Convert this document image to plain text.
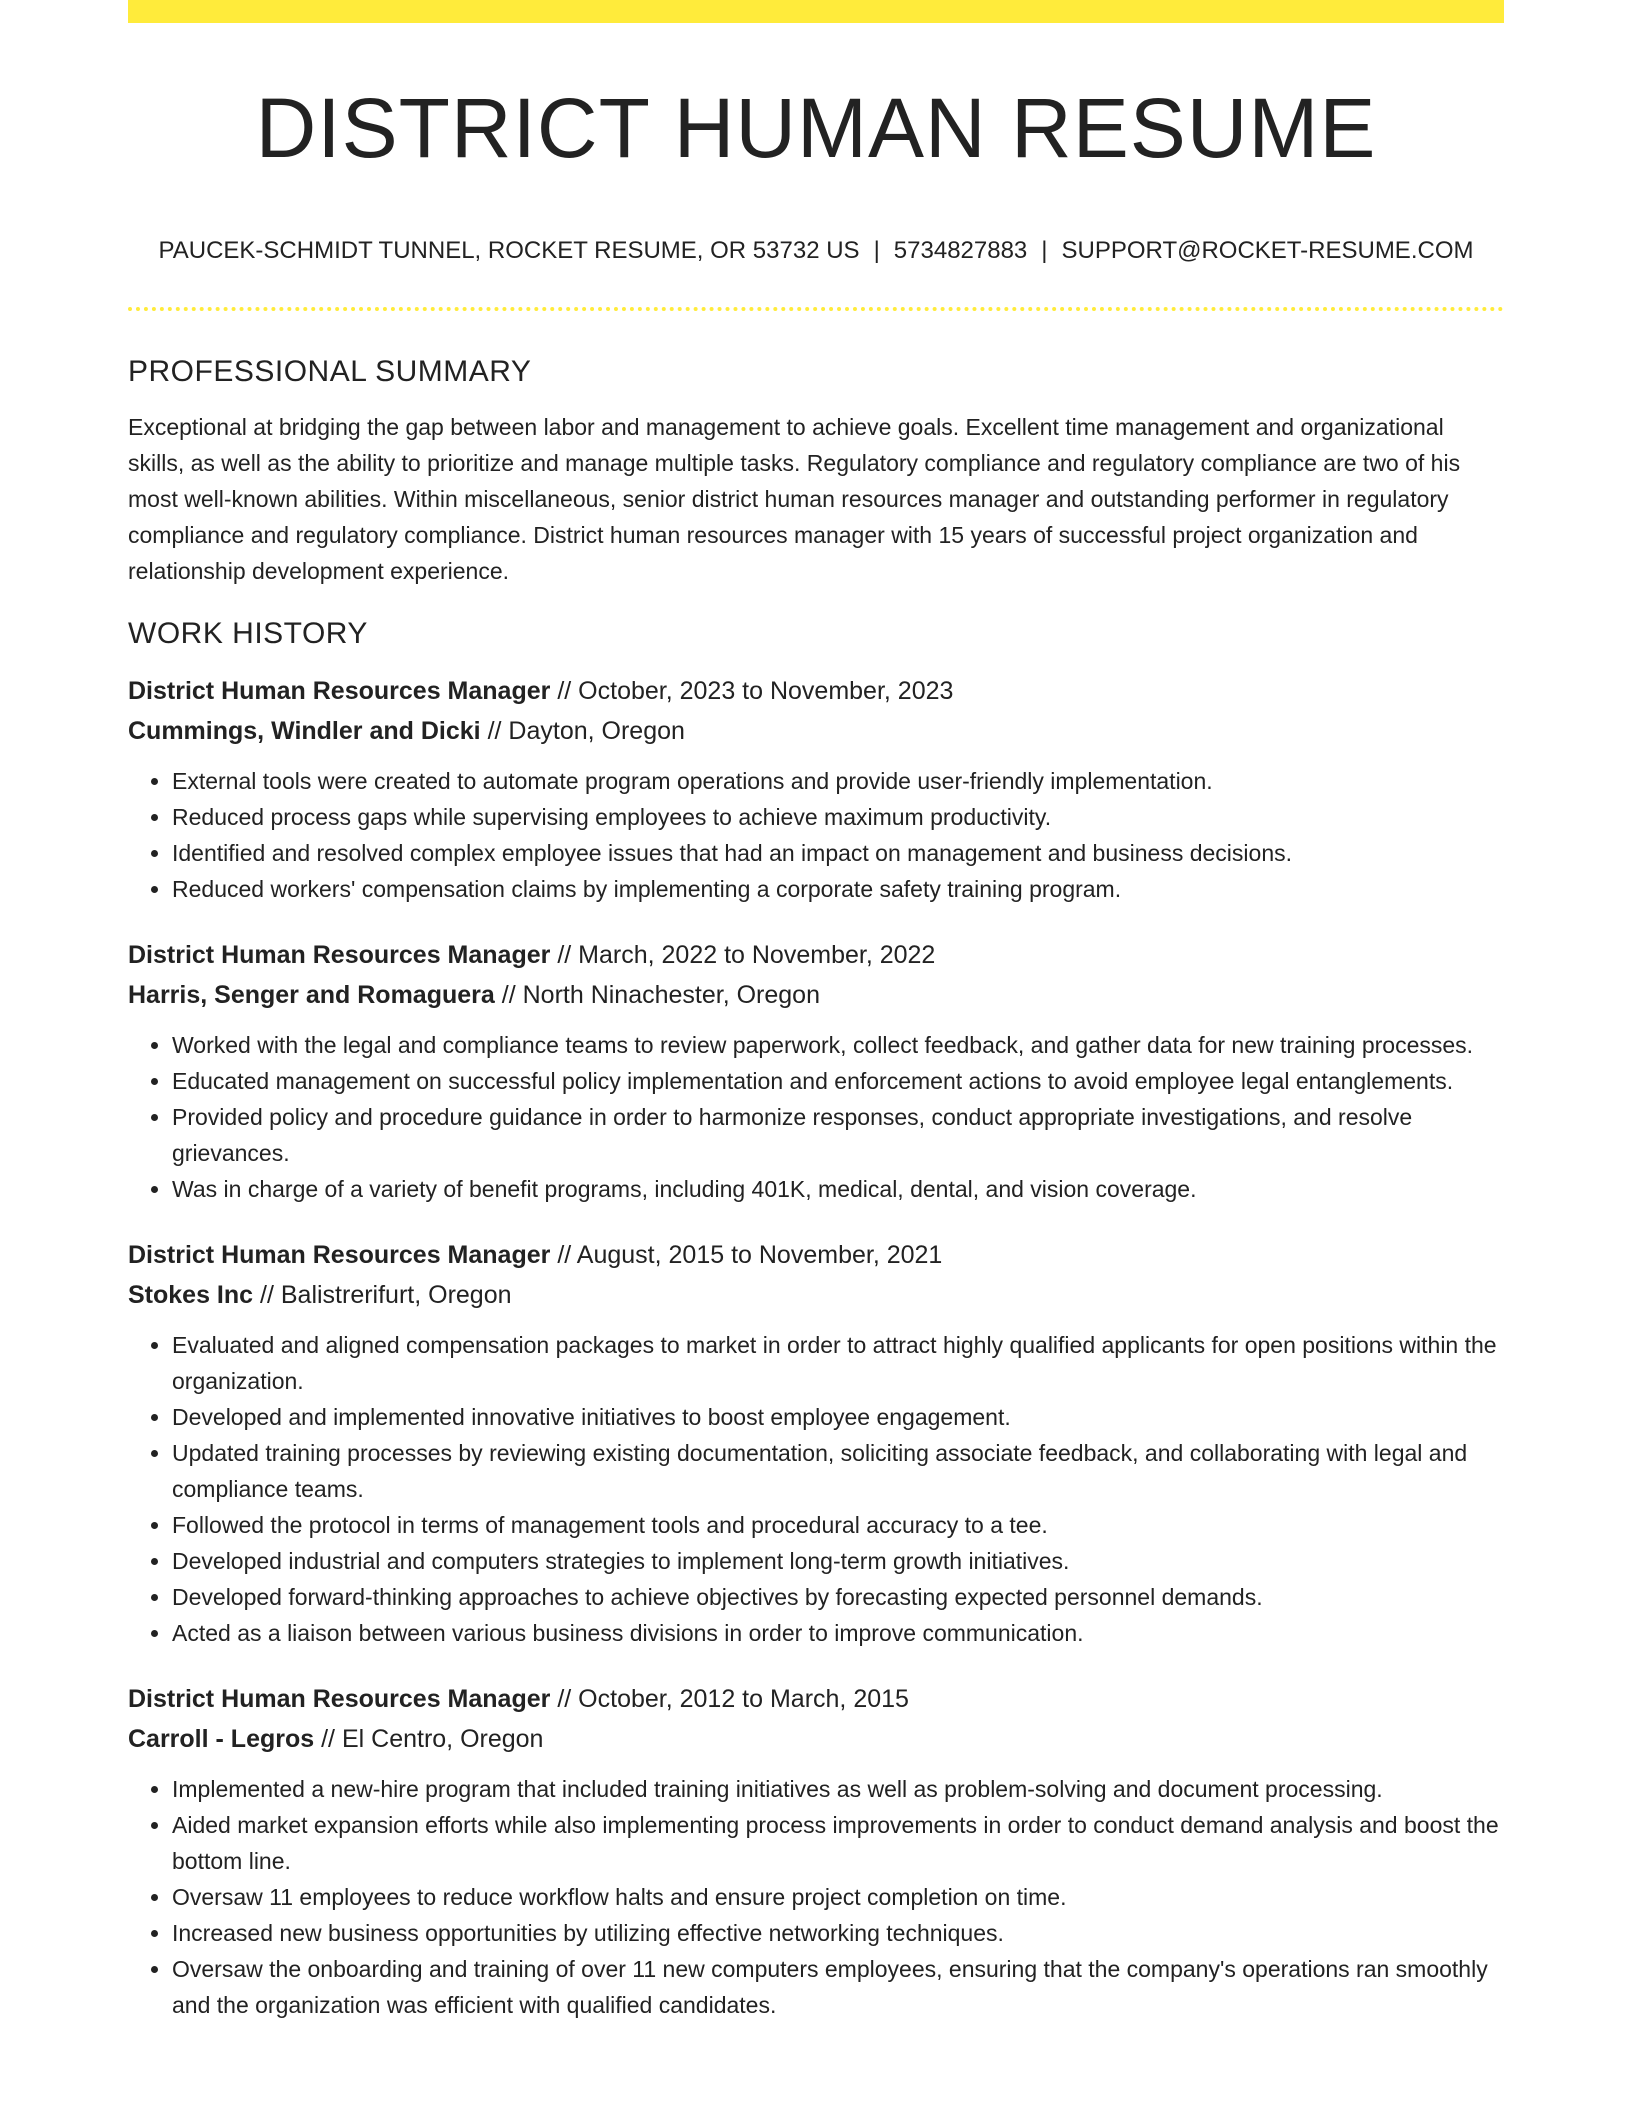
DISTRICT HUMAN RESUME
PAUCEK-SCHMIDT TUNNEL, ROCKET RESUME, OR 53732 US | 5734827883 | SUPPORT@ROCKET-RESUME.COM
PROFESSIONAL SUMMARY

Exceptional at bridging the gap between labor and management to achieve goals. Excellent time management and organizational skills, as well as the ability to prioritize and manage multiple tasks. Regulatory compliance and regulatory compliance are two of his most well-known abilities. Within miscellaneous, senior district human resources manager and outstanding performer in regulatory compliance and regulatory compliance. District human resources manager with 15 years of successful project organization and relationship development experience.

WORK HISTORY
District Human Resources Manager // October, 2023 to November, 2023
Cummings, Windler and Dicki // Dayton, Oregon
• External tools were created to automate program operations and provide user-friendly implementation.
• Reduced process gaps while supervising employees to achieve maximum productivity.
• Identified and resolved complex employee issues that had an impact on management and business decisions.
• Reduced workers' compensation claims by implementing a corporate safety training program.
District Human Resources Manager // March, 2022 to November, 2022
Harris, Senger and Romaguera // North Ninachester, Oregon
• Worked with the legal and compliance teams to review paperwork, collect feedback, and gather data for new training processes.
• Educated management on successful policy implementation and enforcement actions to avoid employee legal entanglements.
• Provided policy and procedure guidance in order to harmonize responses, conduct appropriate investigations, and resolve grievances.
• Was in charge of a variety of benefit programs, including 401K, medical, dental, and vision coverage.
District Human Resources Manager // August, 2015 to November, 2021
Stokes Inc // Balistrerifurt, Oregon
• Evaluated and aligned compensation packages to market in order to attract highly qualified applicants for open positions within the organization.
• Developed and implemented innovative initiatives to boost employee engagement.
• Updated training processes by reviewing existing documentation, soliciting associate feedback, and collaborating with legal and compliance teams.
• Followed the protocol in terms of management tools and procedural accuracy to a tee.
• Developed industrial and computers strategies to implement long-term growth initiatives.
• Developed forward-thinking approaches to achieve objectives by forecasting expected personnel demands.
• Acted as a liaison between various business divisions in order to improve communication.
District Human Resources Manager // October, 2012 to March, 2015
Carroll - Legros // El Centro, Oregon
• Implemented a new-hire program that included training initiatives as well as problem-solving and document processing.
• Aided market expansion efforts while also implementing process improvements in order to conduct demand analysis and boost the bottom line.
• Oversaw 11 employees to reduce workflow halts and ensure project completion on time.
• Increased new business opportunities by utilizing effective networking techniques.
• Oversaw the onboarding and training of over 11 new computers employees, ensuring that the company's operations ran smoothly and the organization was efficient with qualified candidates.
